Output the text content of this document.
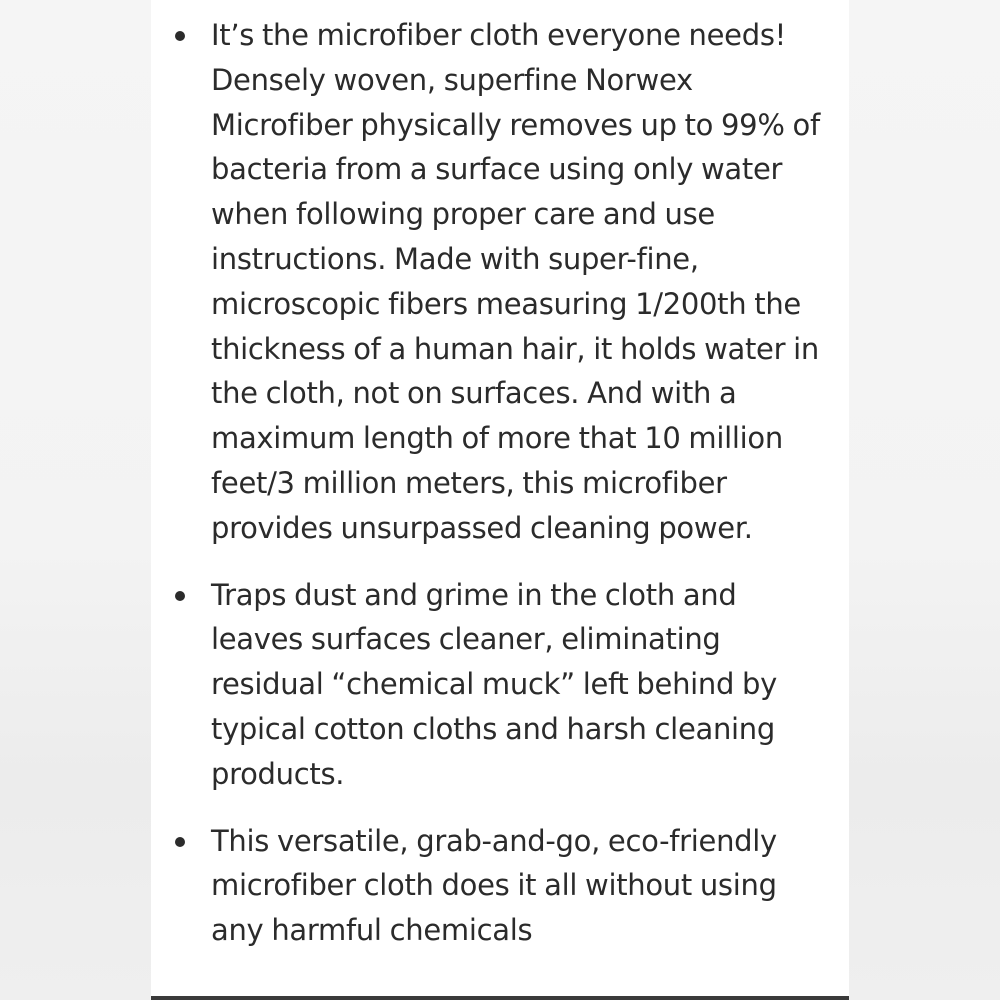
It’s the microfiber cloth everyone needs! Densely woven, superfine Norwex Microfiber physically removes up to 99% of bacteria from a surface using only water when following proper care and use instructions. Made with super-fine, microscopic fibers measuring 1/200th the thickness of a human hair, it holds water in the cloth, not on surfaces. And with a maximum length of more that 10 million feet/3 million meters, this microfiber provides unsurpassed cleaning power.

Traps dust and grime in the cloth and leaves surfaces cleaner, eliminating residual “chemical muck” left behind by typical cotton cloths and harsh cleaning products.

This versatile, grab-and-go, eco-friendly microfiber cloth does it all without using any harmful chemicals
